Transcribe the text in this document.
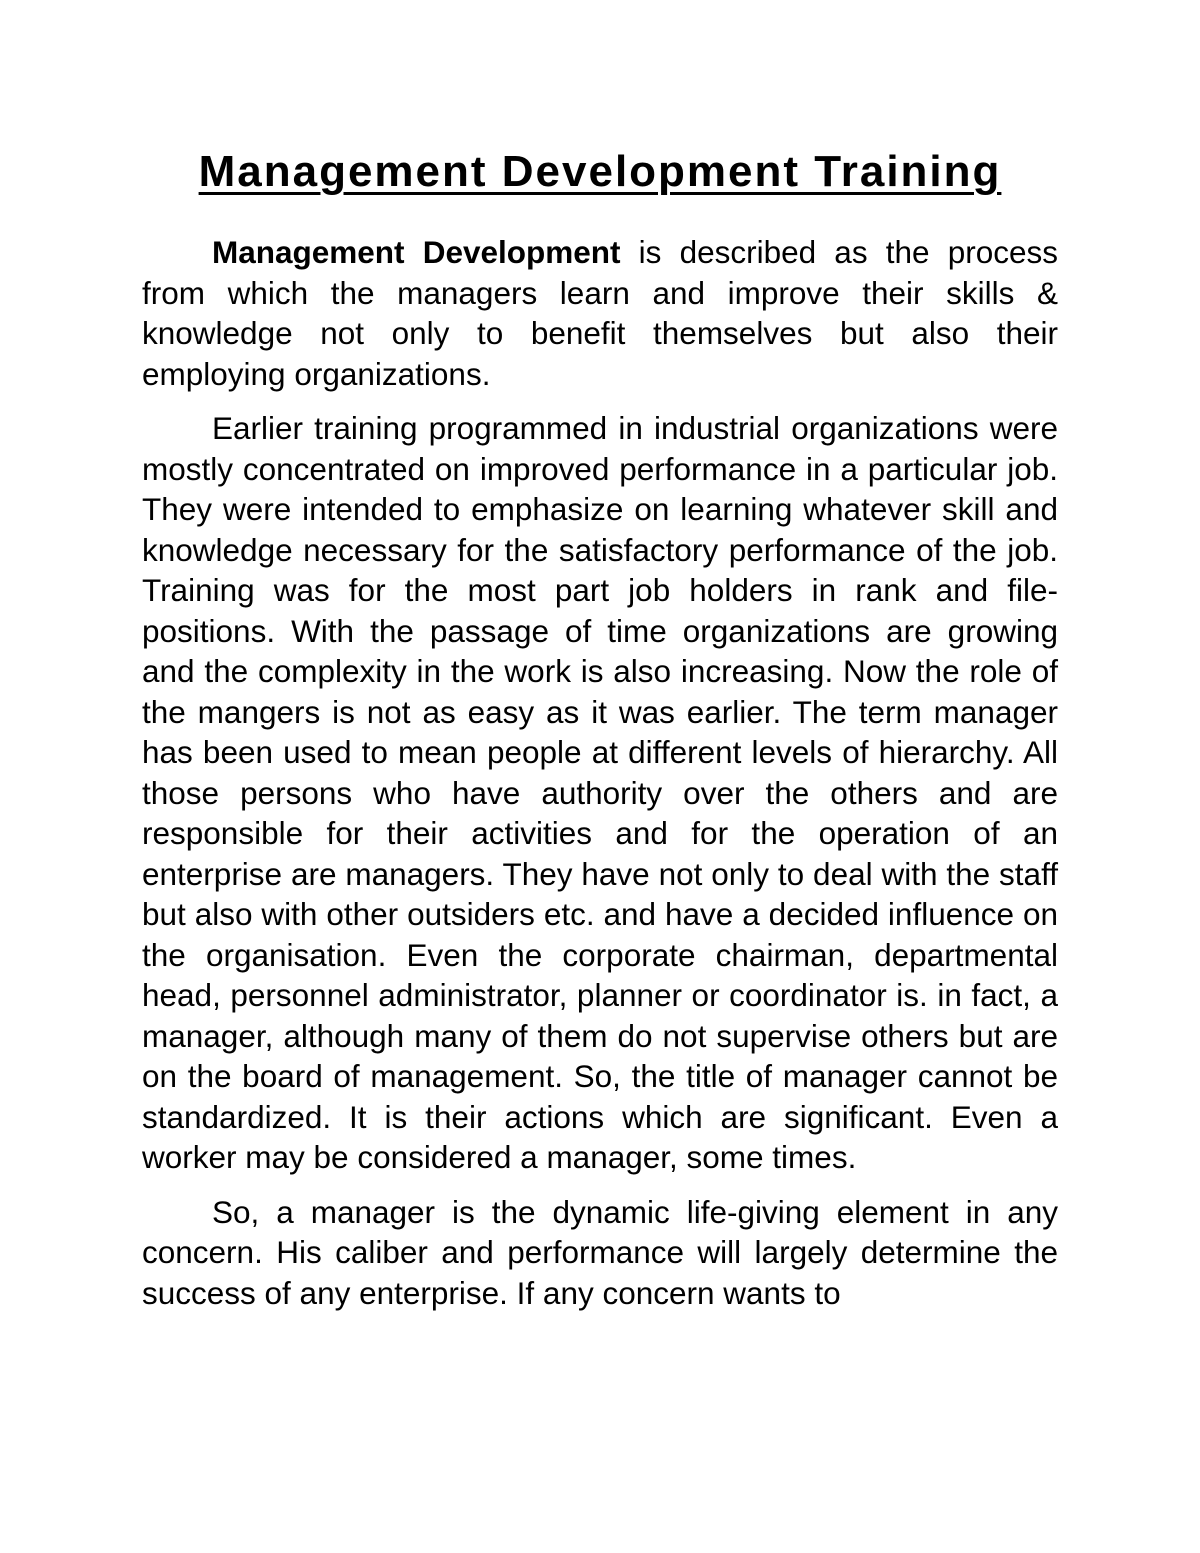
Management Development Training

Management Development is described as the process from which the managers learn and improve their skills & knowledge not only to benefit themselves but also their employing organizations.

Earlier training programmed in industrial organizations were mostly concentrated on improved performance in a particular job. They were intended to emphasize on learning whatever skill and knowledge necessary for the satisfactory performance of the job. Training was for the most part job holders in rank and file-positions. With the passage of time organizations are growing and the complexity in the work is also increasing. Now the role of the mangers is not as easy as it was earlier. The term manager has been used to mean people at different levels of hierarchy. All those persons who have authority over the others and are responsible for their activities and for the operation of an enterprise are managers. They have not only to deal with the staff but also with other outsiders etc. and have a decided influence on the organisation. Even the corporate chairman, departmental head, personnel administrator, planner or coordinator is. in fact, a manager, although many of them do not supervise others but are on the board of management. So, the title of manager cannot be standardized. It is their actions which are significant. Even a worker may be considered a manager, some times.

So, a manager is the dynamic life-giving element in any concern. His caliber and performance will largely determine the success of any enterprise. If any concern wants to
